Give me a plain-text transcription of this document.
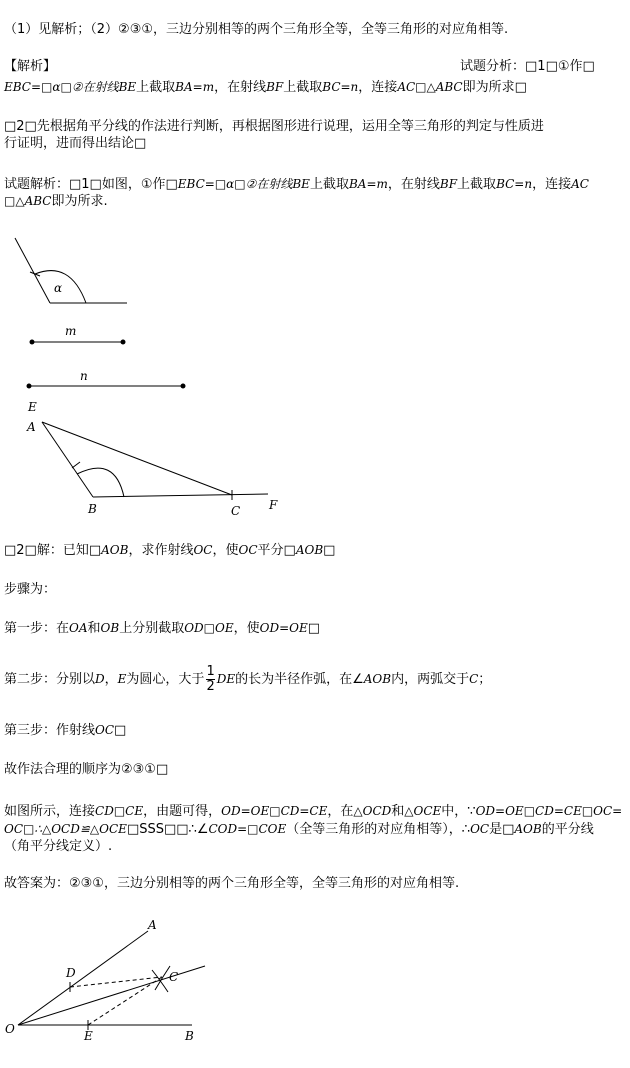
（1）见解析；（2）②③①，三边分别相等的两个三角形全等，全等三角形的对应角相等.
【解析】	试题分析：□1□①作□
EBC=□α□②在射线BE上截取BA=m，在射线BF上截取BC=n，连接AC□△ABC即为所求□
□2□先根据角平分线的作法进行判断，再根据图形进行说理，运用全等三角形的判定与性质进
行证明，进而得出结论□
试题解析：□1□如图，①作□EBC=□α□②在射线BE上截取BA=m，在射线BF上截取BC=n，连接AC
□△ABC即为所求.
α
m
n
E
A
B	C F
□2□解：已知□AOB，求作射线OC，使OC平分□AOB□
步骤为：
第一步：在OA和OB上分别截取OD□OE，使OD=OE□
第二步：分别以D，E为圆心，大于 $\frac{1}{2}$ DE的长为半径作弧，在∠AOB内，两弧交于C；
第三步：作射线OC□
故作法合理的顺序为②③①□
如图所示，连接CD□CE，由题可得，OD=OE□CD=CE，在△OCD和△OCE中，∵OD=OE□CD=CE□OC=
OC□∴△OCD≌△OCE□SSS□□∴∠COD=□COE（全等三角形的对应角相等），∴OC是□AOB的平分线
（角平分线定义）.
故答案为：②③①，三边分别相等的两个三角形全等，全等三角形的对应角相等.
A
D	C
O	E	B
